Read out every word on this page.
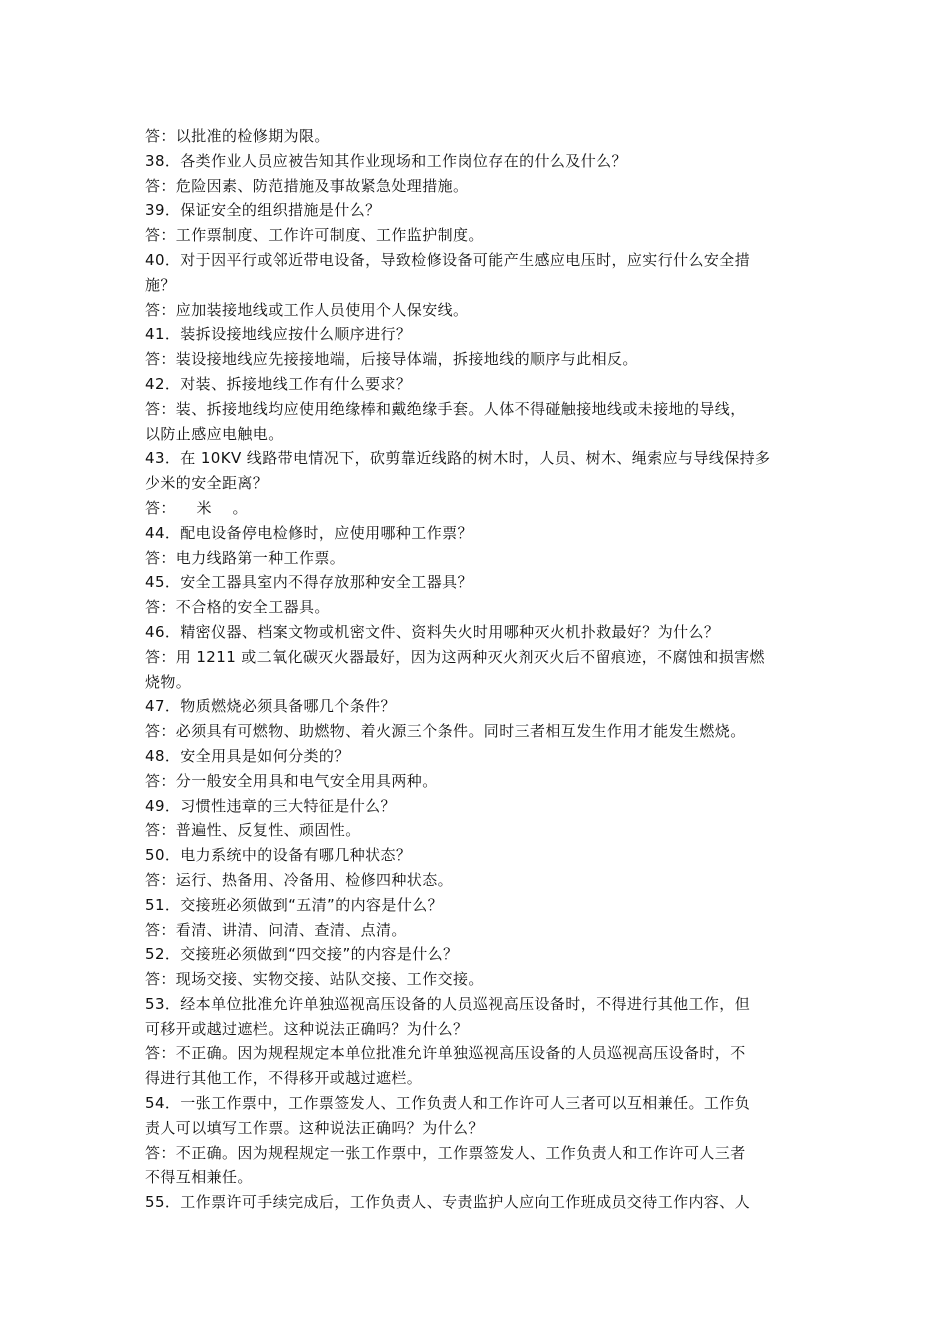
答：以批准的检修期为限。
38．各类作业人员应被告知其作业现场和工作岗位存在的什么及什么？
答：危险因素、防范措施及事故紧急处理措施。
39．保证安全的组织措施是什么？
答：工作票制度、工作许可制度、工作监护制度。
40．对于因平行或邻近带电设备，导致检修设备可能产生感应电压时，应实行什么安全措
施？
答：应加装接地线或工作人员使用个人保安线。
41．装拆设接地线应按什么顺序进行？
答：装设接地线应先接接地端，后接导体端，拆接地线的顺序与此相反。
42．对装、拆接地线工作有什么要求？
答：装、拆接地线均应使用绝缘棒和戴绝缘手套。人体不得碰触接地线或未接地的导线，
以防止感应电触电。
43．在 10KV 线路带电情况下，砍剪靠近线路的树木时，人员、树木、绳索应与导线保持多
少米的安全距离？
答：    米    。
44．配电设备停电检修时，应使用哪种工作票？
答：电力线路第一种工作票。
45．安全工器具室内不得存放那种安全工器具？
答：不合格的安全工器具。
46．精密仪器、档案文物或机密文件、资料失火时用哪种灭火机扑救最好？为什么？
答：用 1211 或二氧化碳灭火器最好，因为这两种灭火剂灭火后不留痕迹，不腐蚀和损害燃
烧物。
47．物质燃烧必须具备哪几个条件？
答：必须具有可燃物、助燃物、着火源三个条件。同时三者相互发生作用才能发生燃烧。
48．安全用具是如何分类的？
答：分一般安全用具和电气安全用具两种。
49．习惯性违章的三大特征是什么？
答：普遍性、反复性、顽固性。
50．电力系统中的设备有哪几种状态？
答：运行、热备用、冷备用、检修四种状态。
51．交接班必须做到“五清”的内容是什么？
答：看清、讲清、问清、查清、点清。
52．交接班必须做到“四交接”的内容是什么？
答：现场交接、实物交接、站队交接、工作交接。
53．经本单位批准允许单独巡视高压设备的人员巡视高压设备时，不得进行其他工作，但
可移开或越过遮栏。这种说法正确吗？为什么？
答：不正确。因为规程规定本单位批准允许单独巡视高压设备的人员巡视高压设备时，不
得进行其他工作，不得移开或越过遮栏。
54．一张工作票中，工作票签发人、工作负责人和工作许可人三者可以互相兼任。工作负
责人可以填写工作票。这种说法正确吗？为什么？
答：不正确。因为规程规定一张工作票中，工作票签发人、工作负责人和工作许可人三者
不得互相兼任。
55．工作票许可手续完成后，工作负责人、专责监护人应向工作班成员交待工作内容、人
